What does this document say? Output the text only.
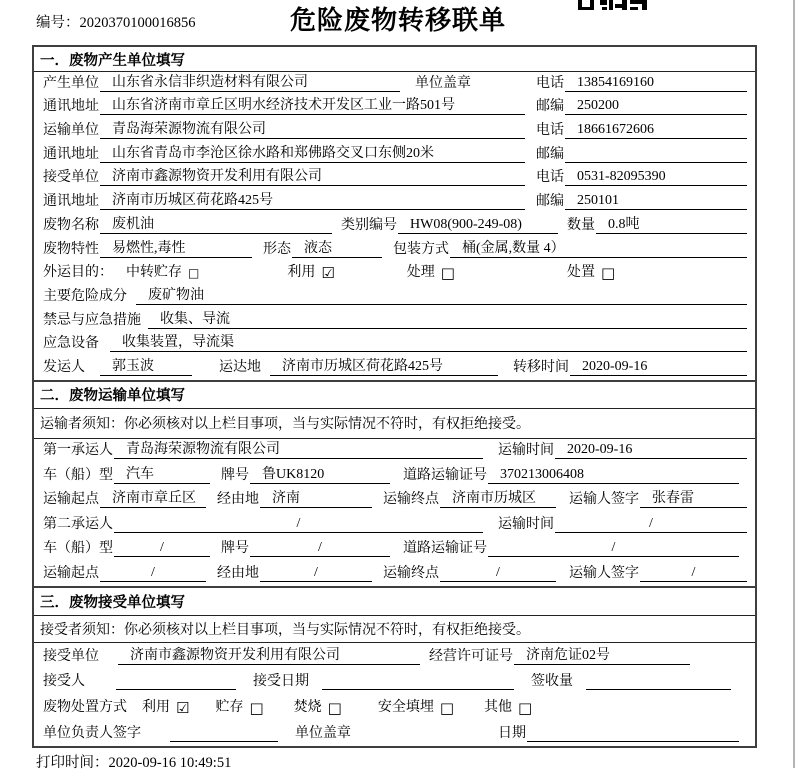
编号：2020370100016856	危险废物转移联单
一．废物产生单位填写
产生单位 山东省永信非织造材料有限公司	单位盖章	电话 13854169160
通讯地址 山东省济南市章丘区明水经济技术开发区工业一路501号	邮编 250200
运输单位 青岛海荣源物流有限公司	电话 18661672606
通讯地址 山东省青岛市李沧区徐水路和郑佛路交叉口东侧20米	邮编
接受单位 济南市鑫源物资开发利用有限公司	电话 0531-82095390
通讯地址 济南市历城区荷花路425号	邮编 250101
废物名称 废机油	类别编号 HW08(900-249-08)	数量 0.8吨
废物特性 易燃性,毒性	形态 液态	包装方式 桶(金属,数量 4）
外运目的： 中转贮存 □	利用 ☑	处理 □	处置 □
主要危险成分	废矿物油
禁忌与应急措施	收集、导流
应急设备	收集装置，导流渠
发运人	郭玉波	运达地	济南市历城区荷花路425号	转移时间 2020-09-16
二．废物运输单位填写
运输者须知：你必须核对以上栏目事项，当与实际情况不符时，有权拒绝接受。
第一承运人 青岛海荣源物流有限公司	运输时间 2020-09-16
车（船）型 汽车	牌号 鲁UK8120	道路运输证号 370213006408
运输起点 济南市章丘区	经由地 济南	运输终点 济南市历城区	运输人签字 张春雷
第二承运人	/	运输时间	/
车（船）型	/	牌号	/	道路运输证号	/
运输起点	/	经由地	/	运输终点	/	运输人签字	/
三．废物接受单位填写
接受者须知：你必须核对以上栏目事项，当与实际情况不符时，有权拒绝接受。
接受单位	济南市鑫源物资开发利用有限公司	经营许可证号 济南危证02号
接受人	接受日期	签收量
废物处置方式 利用 ☑ 贮存 □ 焚烧 □	安全填埋 □ 其他 □
单位负责人签字	单位盖章	日期
打印时间：2020-09-16 10:49:51
